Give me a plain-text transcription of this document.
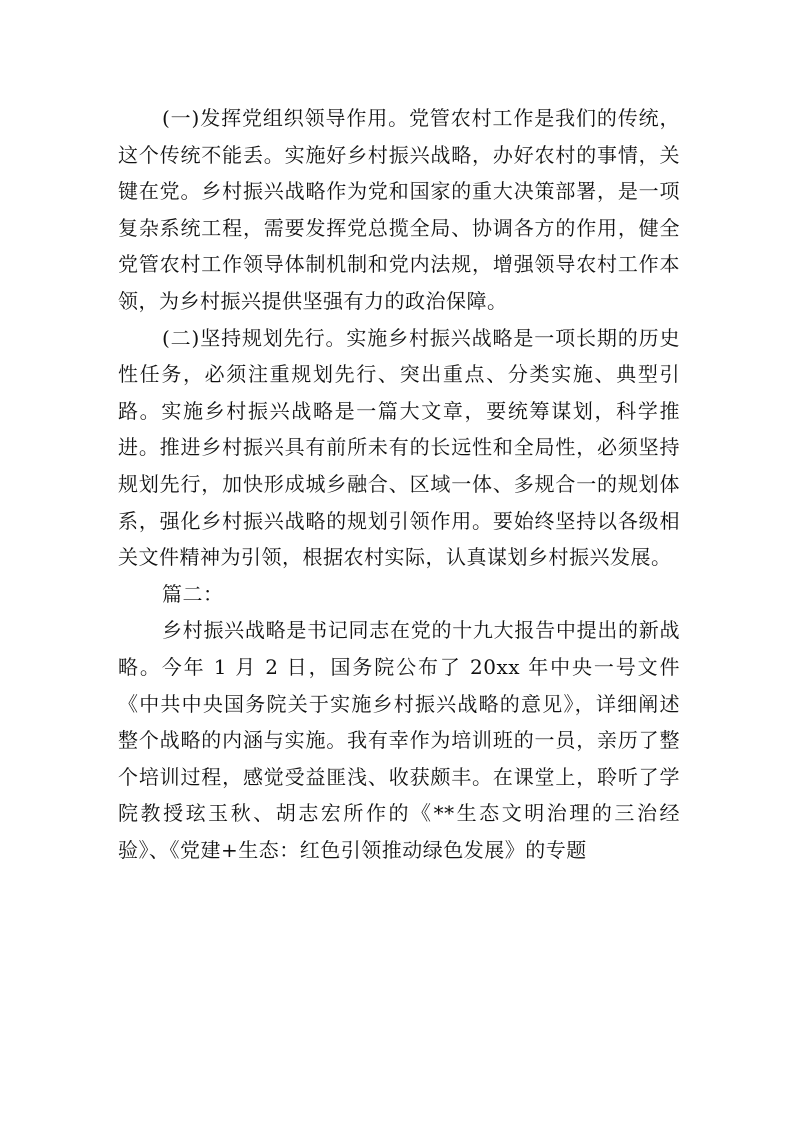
(一)发挥党组织领导作用。党管农村工作是我们的传统，这个传统不能丢。实施好乡村振兴战略，办好农村的事情，关键在党。乡村振兴战略作为党和国家的重大决策部署，是一项复杂系统工程，需要发挥党总揽全局、协调各方的作用，健全党管农村工作领导体制机制和党内法规，增强领导农村工作本领，为乡村振兴提供坚强有力的政治保障。

(二)坚持规划先行。实施乡村振兴战略是一项长期的历史性任务，必须注重规划先行、突出重点、分类实施、典型引路。实施乡村振兴战略是一篇大文章，要统筹谋划，科学推进。推进乡村振兴具有前所未有的长远性和全局性，必须坚持规划先行，加快形成城乡融合、区域一体、多规合一的规划体系，强化乡村振兴战略的规划引领作用。要始终坚持以各级相关文件精神为引领，根据农村实际，认真谋划乡村振兴发展。

篇二：

乡村振兴战略是书记同志在党的十九大报告中提出的新战略。今年 1 月 2 日，国务院公布了 20xx 年中央一号文件《中共中央国务院关于实施乡村振兴战略的意见》，详细阐述整个战略的内涵与实施。我有幸作为培训班的一员，亲历了整个培训过程，感觉受益匪浅、收获颇丰。在课堂上，聆听了学院教授玹玉秋、胡志宏所作的《**生态文明治理的三治经验》、《党建+生态：红色引领推动绿色发展》的专题
